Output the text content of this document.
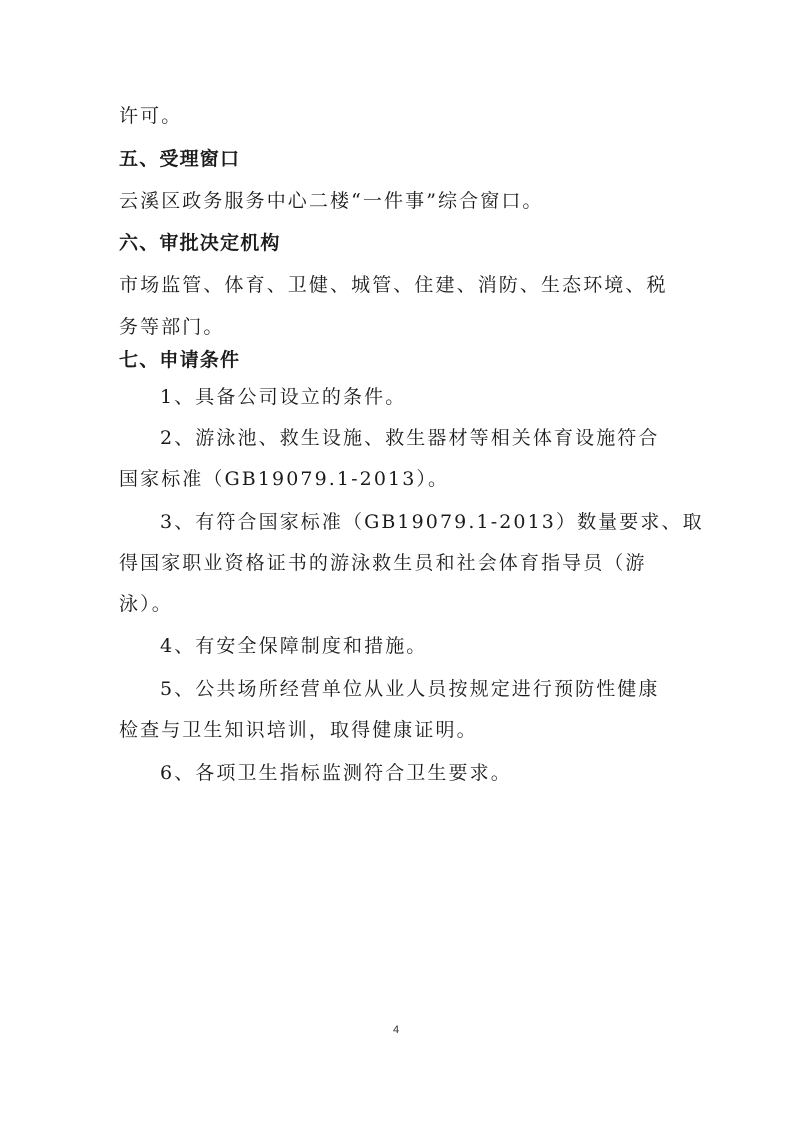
许可。
五、受理窗口
云溪区政务服务中心二楼“一件事”综合窗口。
六、审批决定机构
市场监管、体育、卫健、城管、住建、消防、生态环境、税
务等部门。
七、申请条件
1、具备公司设立的条件。
2、游泳池、救生设施、救生器材等相关体育设施符合
国家标准（GB19079.1-2013）。
3、有符合国家标准（GB19079.1-2013）数量要求、取
得国家职业资格证书的游泳救生员和社会体育指导员（游
泳）。
4、有安全保障制度和措施。
5、公共场所经营单位从业人员按规定进行预防性健康
检查与卫生知识培训，取得健康证明。
6、各项卫生指标监测符合卫生要求。
4
